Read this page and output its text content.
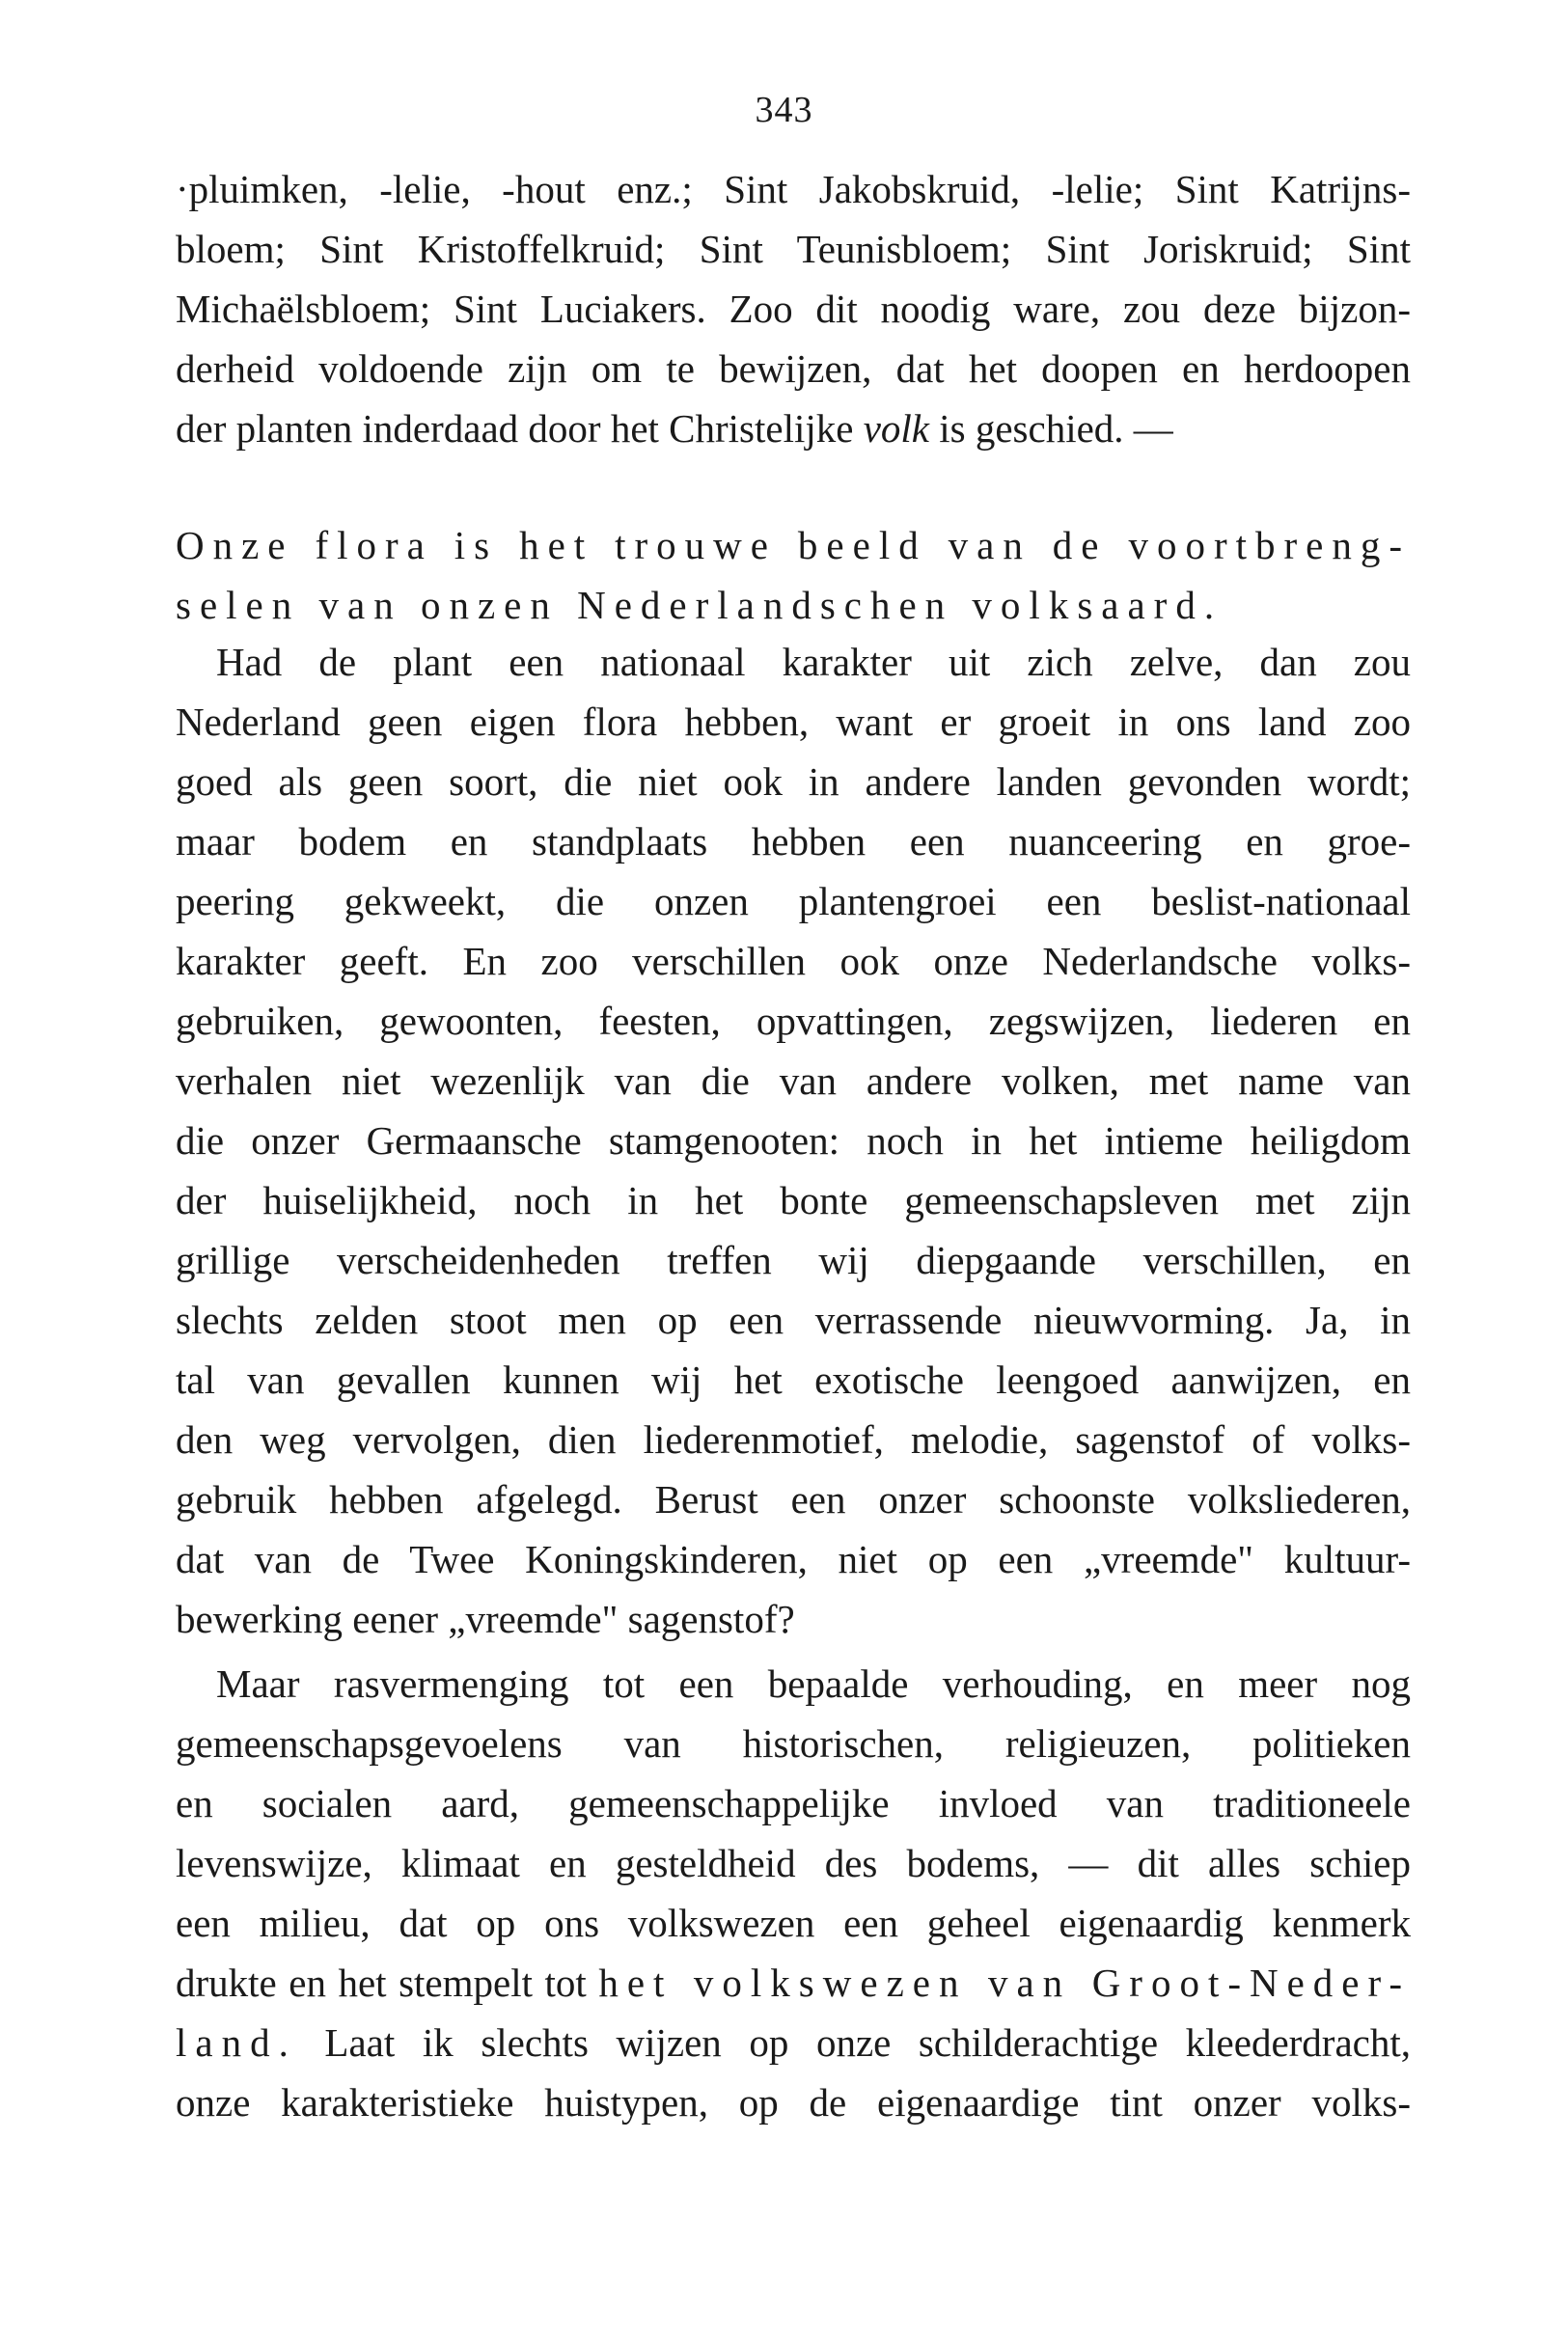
343
·pluimken, -lelie, -hout enz.; Sint Jakobskruid, -lelie; Sint Katrijns-
bloem; Sint Kristoffelkruid; Sint Teunisbloem; Sint Joriskruid; Sint
Michaëlsbloem; Sint Luciakers. Zoo dit noodig ware, zou deze bijzon-
derheid voldoende zijn om te bewijzen, dat het doopen en herdoopen
der planten inderdaad door het Christelijke volk is geschied. —
Onze flora is het trouwe beeld van de voortbreng-
selen van onzen Nederlandschen volksaard.
Had de plant een nationaal karakter uit zich zelve, dan zou
Nederland geen eigen flora hebben, want er groeit in ons land zoo
goed als geen soort, die niet ook in andere landen gevonden wordt;
maar bodem en standplaats hebben een nuanceering en groe-
peering gekweekt, die onzen plantengroei een beslist-nationaal
karakter geeft. En zoo verschillen ook onze Nederlandsche volks-
gebruiken, gewoonten, feesten, opvattingen, zegswijzen, liederen en
verhalen niet wezenlijk van die van andere volken, met name van
die onzer Germaansche stamgenooten: noch in het intieme heiligdom
der huiselijkheid, noch in het bonte gemeenschapsleven met zijn
grillige verscheidenheden treffen wij diepgaande verschillen, en
slechts zelden stoot men op een verrassende nieuwvorming. Ja, in
tal van gevallen kunnen wij het exotische leengoed aanwijzen, en
den weg vervolgen, dien liederenmotief, melodie, sagenstof of volks-
gebruik hebben afgelegd. Berust een onzer schoonste volksliederen,
dat van de Twee Koningskinderen, niet op een „vreemde" kultuur-
bewerking eener „vreemde" sagenstof?
Maar rasvermenging tot een bepaalde verhouding, en meer nog
gemeenschapsgevoelens van historischen, religieuzen, politieken
en socialen aard, gemeenschappelijke invloed van traditioneele
levenswijze, klimaat en gesteldheid des bodems, — dit alles schiep
een milieu, dat op ons volkswezen een geheel eigenaardig kenmerk
drukte en het stempelt tot het volkswezen van Groot-Neder-
land. Laat ik slechts wijzen op onze schilderachtige kleederdracht,
onze karakteristieke huistypen, op de eigenaardige tint onzer volks-
